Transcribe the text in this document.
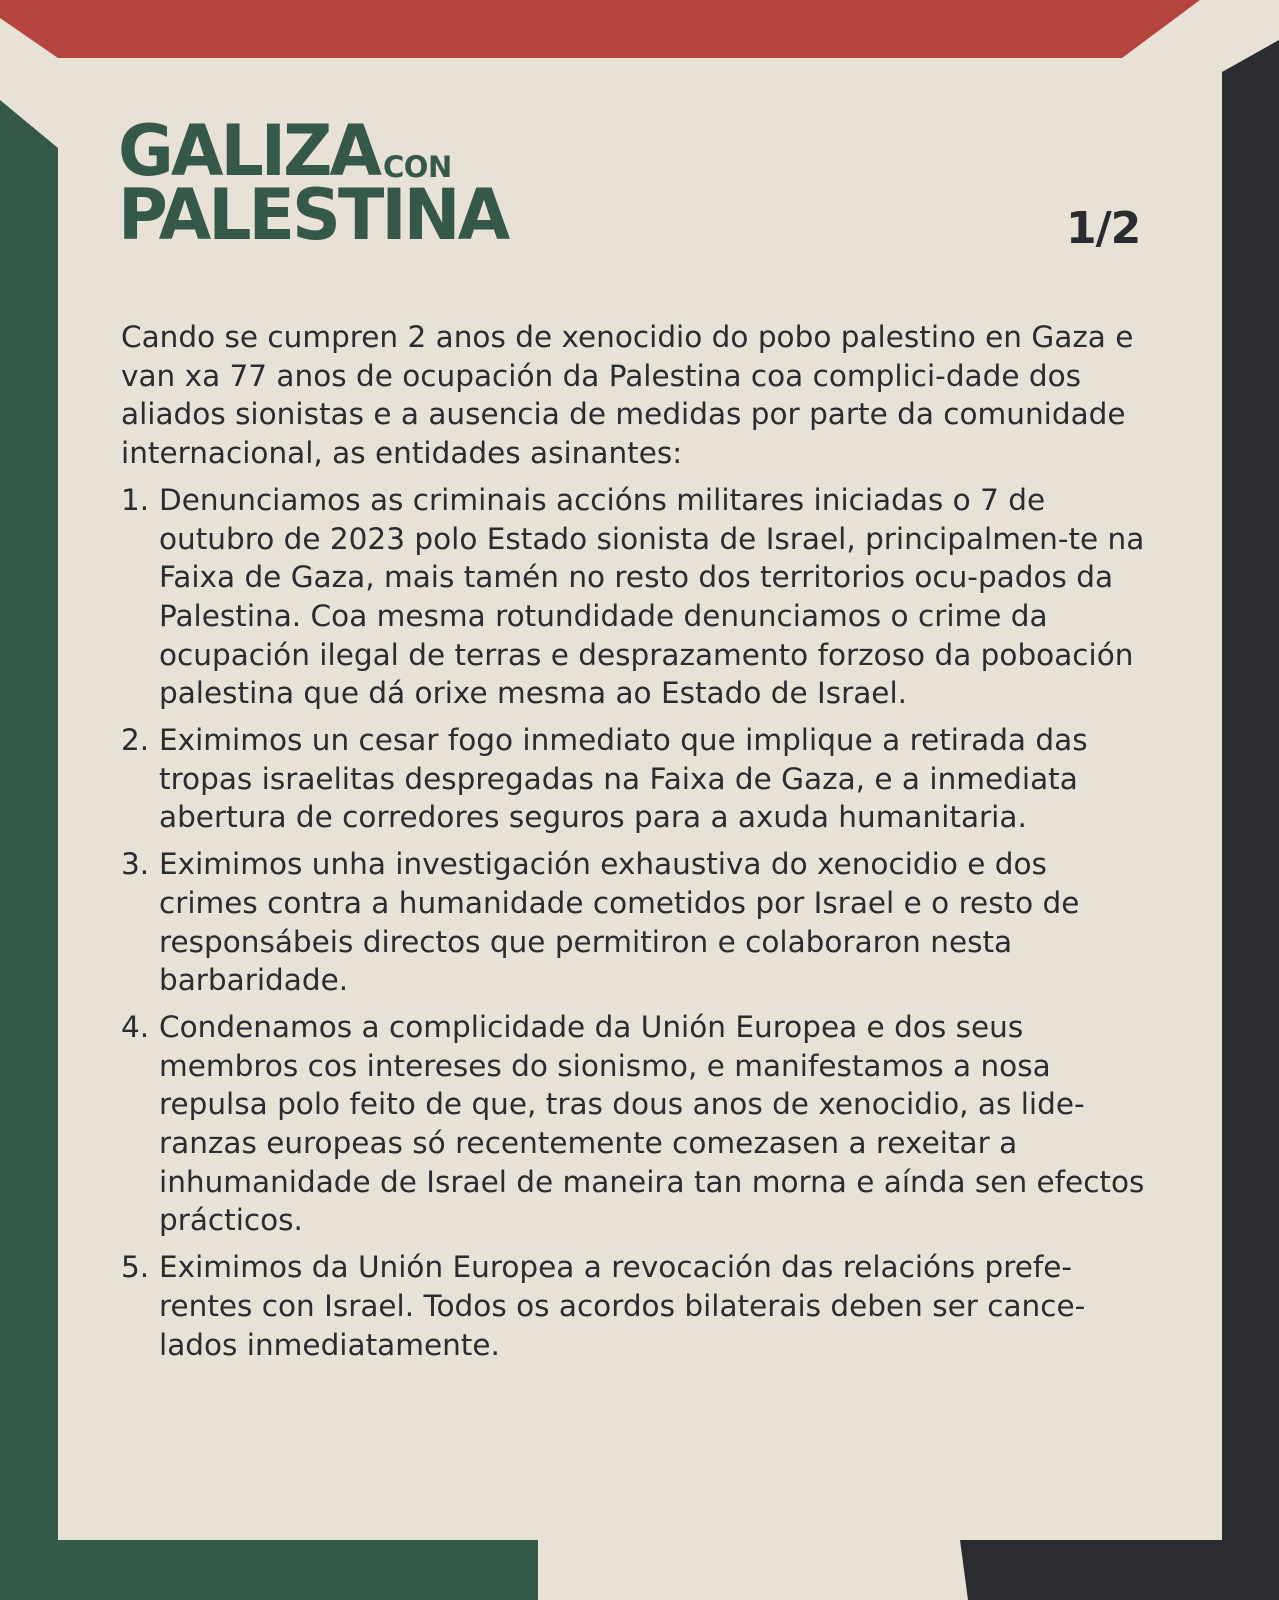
GALIZA CON
PALESTINA	1/2

Cando se cumpren 2 anos de xenocidio do pobo palestino en Gaza e van xa 77 anos de ocupación da Palestina coa complici-dade dos aliados sionistas e a ausencia de medidas por parte da comunidade internacional, as entidades asinantes:

1. Denunciamos as criminais accións militares iniciadas o 7 de outubro de 2023 polo Estado sionista de Israel, principalmen-te na Faixa de Gaza, mais tamén no resto dos territorios ocu-pados da Palestina. Coa mesma rotundidade denunciamos o crime da ocupación ilegal de terras e desprazamento forzoso da poboación palestina que dá orixe mesma ao Estado de Israel.
2. Eximimos un cesar fogo inmediato que implique a retirada das tropas israelitas despregadas na Faixa de Gaza, e a inmediata abertura de corredores seguros para a axuda humanitaria.
3. Eximimos unha investigación exhaustiva do xenocidio e dos crimes contra a humanidade cometidos por Israel e o resto de responsábeis directos que permitiron e colaboraron nesta barbaridade.
4. Condenamos a complicidade da Unión Europea e dos seus membros cos intereses do sionismo, e manifestamos a nosa repulsa polo feito de que, tras dous anos de xenocidio, as lide-ranzas europeas só recentemente comezasen a rexeitar a inhumanidade de Israel de maneira tan morna e aínda sen efectos prácticos.
5. Eximimos da Unión Europea a revocación das relacións prefe-rentes con Israel. Todos os acordos bilaterais deben ser cance-lados inmediatamente.
